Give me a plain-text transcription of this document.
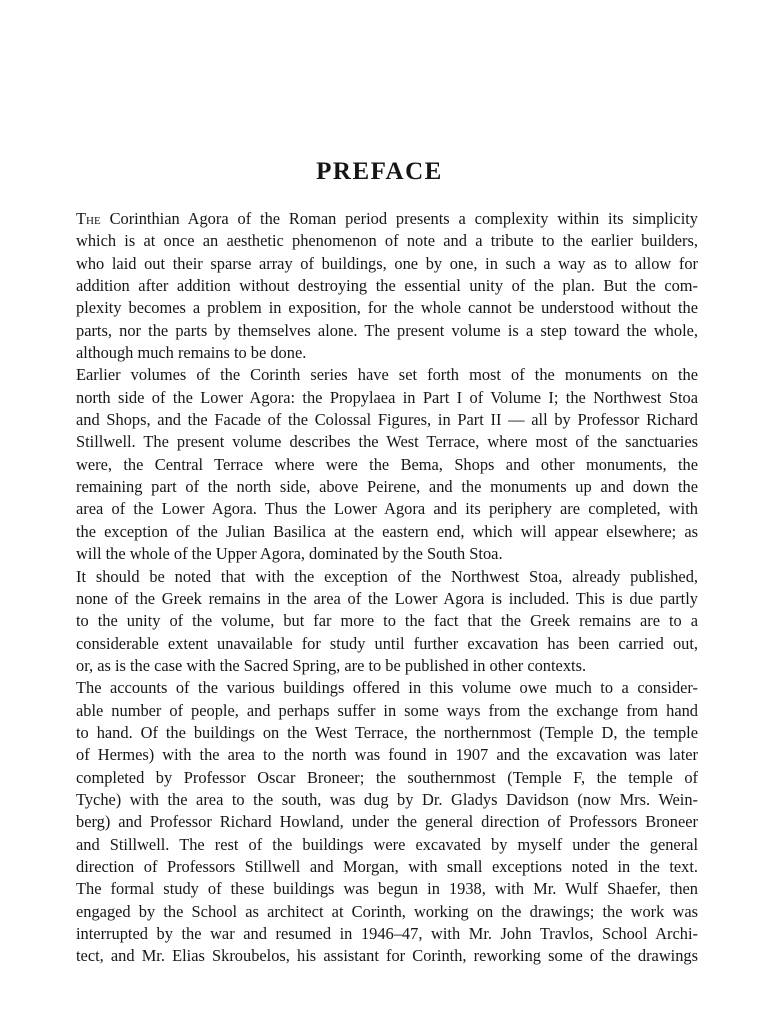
PREFACE

The Corinthian Agora of the Roman period presents a complexity within its simplicity
which is at once an aesthetic phenomenon of note and a tribute to the earlier builders,
who laid out their sparse array of buildings, one by one, in such a way as to allow for
addition after addition without destroying the essential unity of the plan. But the com-
plexity becomes a problem in exposition, for the whole cannot be understood without the
parts, nor the parts by themselves alone. The present volume is a step toward the whole,
although much remains to be done.

Earlier volumes of the Corinth series have set forth most of the monuments on the
north side of the Lower Agora: the Propylaea in Part I of Volume I; the Northwest Stoa
and Shops, and the Facade of the Colossal Figures, in Part II — all by Professor Richard
Stillwell. The present volume describes the West Terrace, where most of the sanctuaries
were, the Central Terrace where were the Bema, Shops and other monuments, the
remaining part of the north side, above Peirene, and the monuments up and down the
area of the Lower Agora. Thus the Lower Agora and its periphery are completed, with
the exception of the Julian Basilica at the eastern end, which will appear elsewhere; as
will the whole of the Upper Agora, dominated by the South Stoa.

It should be noted that with the exception of the Northwest Stoa, already published,
none of the Greek remains in the area of the Lower Agora is included. This is due partly
to the unity of the volume, but far more to the fact that the Greek remains are to a
considerable extent unavailable for study until further excavation has been carried out,
or, as is the case with the Sacred Spring, are to be published in other contexts.

The accounts of the various buildings offered in this volume owe much to a consider-
able number of people, and perhaps suffer in some ways from the exchange from hand
to hand. Of the buildings on the West Terrace, the northernmost (Temple D, the temple
of Hermes) with the area to the north was found in 1907 and the excavation was later
completed by Professor Oscar Broneer; the southernmost (Temple F, the temple of
Tyche) with the area to the south, was dug by Dr. Gladys Davidson (now Mrs. Wein-
berg) and Professor Richard Howland, under the general direction of Professors Broneer
and Stillwell. The rest of the buildings were excavated by myself under the general
direction of Professors Stillwell and Morgan, with small exceptions noted in the text.
The formal study of these buildings was begun in 1938, with Mr. Wulf Shaefer, then
engaged by the School as architect at Corinth, working on the drawings; the work was
interrupted by the war and resumed in 1946–47, with Mr. John Travlos, School Archi-
tect, and Mr. Elias Skroubelos, his assistant for Corinth, reworking some of the drawings
